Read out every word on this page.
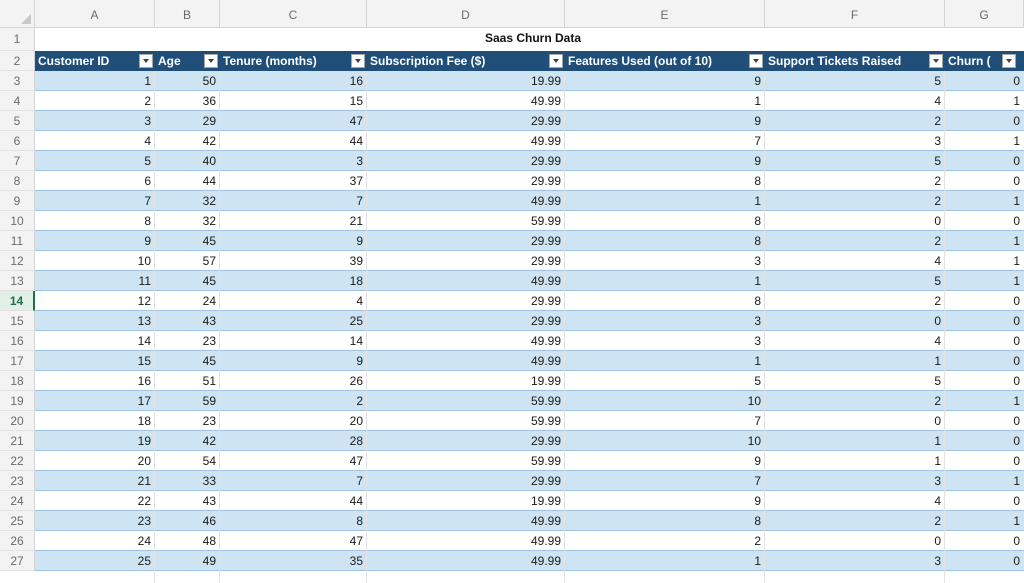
A	B	C	D	E	F	G
1
2
3
4
5
6
7
8
9
10
11
12
13
14
15
16
17
18
19
20
21
22
23
24
25
26
27
Saas Churn Data
Customer ID	Age	Tenure (months)	Subscription Fee ($)	Features Used (out of 10)	Support Tickets Raised	Churn (
1	50	16	19.99	9	5	0
2	36	15	49.99	1	4	1
3	29	47	29.99	9	2	0
4	42	44	49.99	7	3	1
5	40	3	29.99	9	5	0
6	44	37	29.99	8	2	0
7	32	7	49.99	1	2	1
8	32	21	59.99	8	0	0
9	45	9	29.99	8	2	1
10	57	39	29.99	3	4	1
11	45	18	49.99	1	5	1
12	24	4	29.99	8	2	0
13	43	25	29.99	3	0	0
14	23	14	49.99	3	4	0
15	45	9	49.99	1	1	0
16	51	26	19.99	5	5	0
17	59	2	59.99	10	2	1
18	23	20	59.99	7	0	0
19	42	28	29.99	10	1	0
20	54	47	59.99	9	1	0
21	33	7	29.99	7	3	1
22	43	44	19.99	9	4	0
23	46	8	49.99	8	2	1
24	48	47	49.99	2	0	0
25	49	35	49.99	1	3	0
